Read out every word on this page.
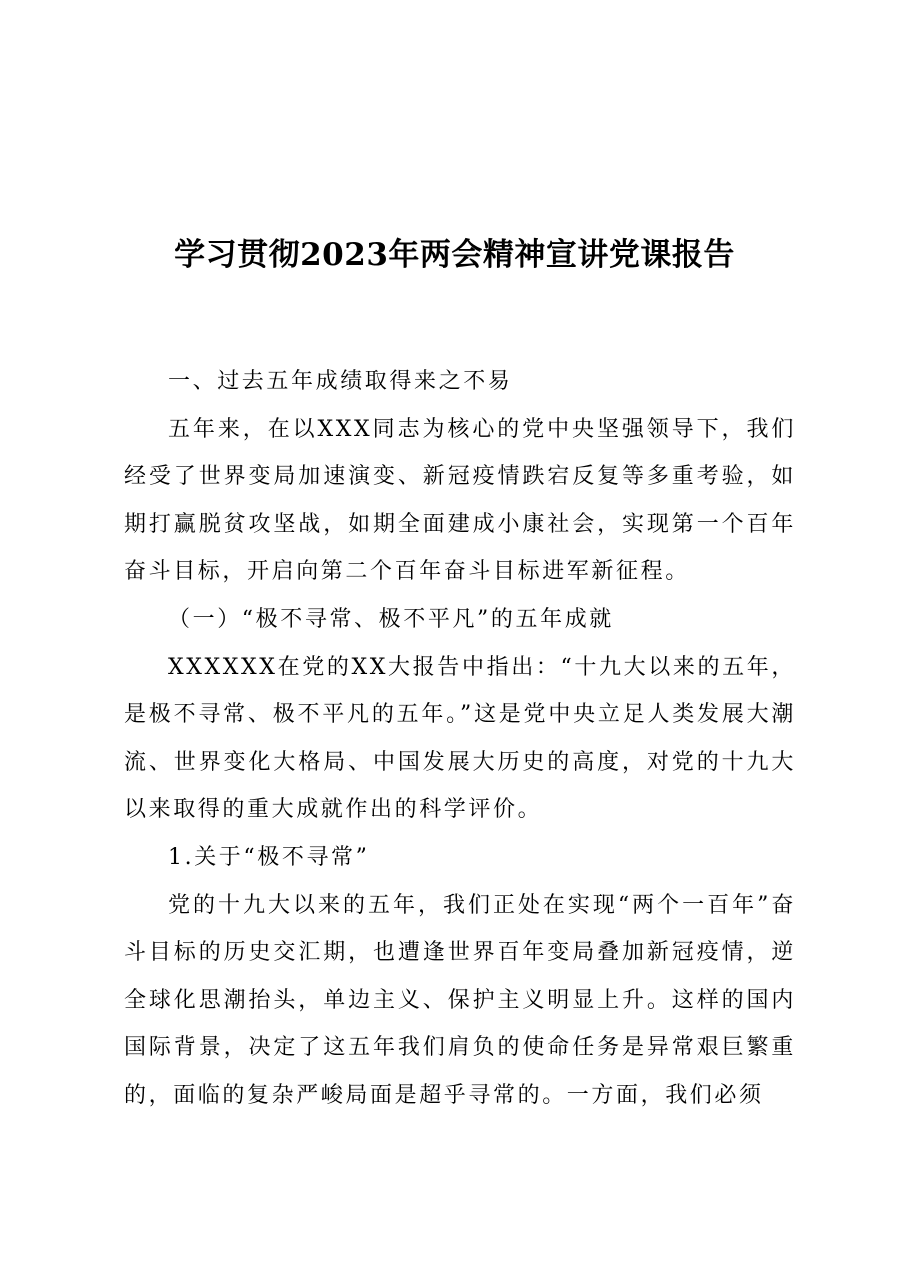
学习贯彻2023年两会精神宣讲党课报告

一、过去五年成绩取得来之不易

五年来，在以XXX同志为核心的党中央坚强领导下，我们经受了世界变局加速演变、新冠疫情跌宕反复等多重考验，如期打赢脱贫攻坚战，如期全面建成小康社会，实现第一个百年奋斗目标，开启向第二个百年奋斗目标进军新征程。

（一）“极不寻常、极不平凡”的五年成就

XXXXXX在党的XX大报告中指出：“十九大以来的五年，是极不寻常、极不平凡的五年。”这是党中央立足人类发展大潮流、世界变化大格局、中国发展大历史的高度，对党的十九大以来取得的重大成就作出的科学评价。

1.关于“极不寻常”

党的十九大以来的五年，我们正处在实现“两个一百年”奋斗目标的历史交汇期，也遭逢世界百年变局叠加新冠疫情，逆全球化思潮抬头，单边主义、保护主义明显上升。这样的国内国际背景，决定了这五年我们肩负的使命任务是异常艰巨繁重的，面临的复杂严峻局面是超乎寻常的。一方面，我们必须
